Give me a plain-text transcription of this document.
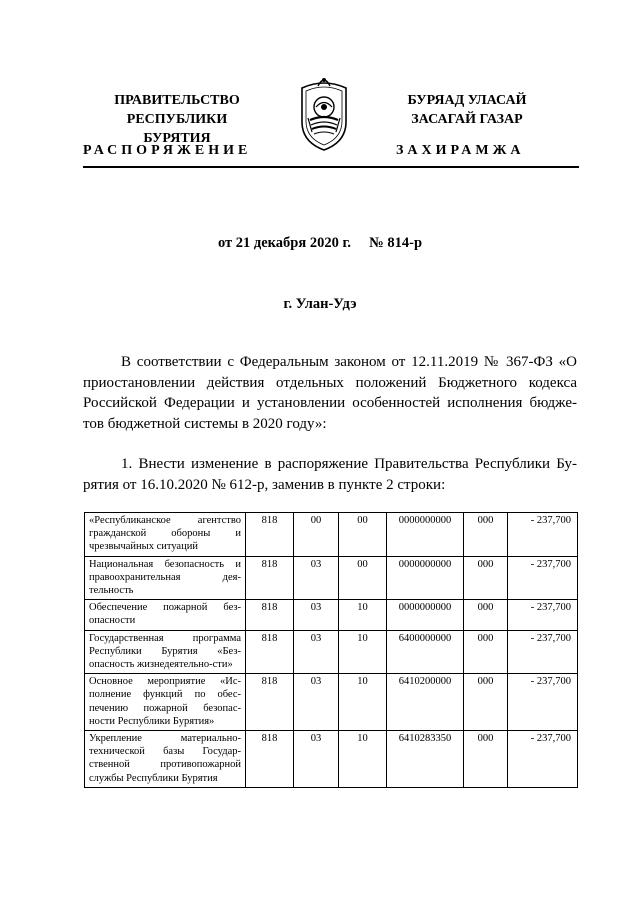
ПРАВИТЕЛЬСТВО
РЕСПУБЛИКИ БУРЯТИЯ
БУРЯАД УЛАСАЙ
ЗАСАГАЙ ГАЗАР
РАСПОРЯЖЕНИЕ	ЗАХИРАМЖА
от 21 декабря 2020 г. № 814-р
г. Улан-Удэ
В соответствии с Федеральным законом от 12.11.2019 № 367-ФЗ «О приостановлении действия отдельных положений Бюджетного кодекса Российской Федерации и установлении особенностей исполнения бюдже-тов бюджетной системы в 2020 году»:
1. Внести изменение в распоряжение Правительства Республики Бу-рятия от 16.10.2020 № 612-р, заменив в пункте 2 строки:
«Республиканское агентство гражданской обороны и чрезвычайных ситуаций	818	00	00	0000000000	000	- 237,700
Национальная безопасность и правоохранительная дея-тельность	818	03	00	0000000000	000	- 237,700
Обеспечение пожарной без-опасности	818	03	10	0000000000	000	- 237,700
Государственная программа Республики Бурятия «Без-опасность жизнедеятельно-сти»	818	03	10	6400000000	000	- 237,700
Основное мероприятие «Ис-полнение функций по обес-печению пожарной безопас-ности Республики Бурятия»	818	03	10	6410200000	000	- 237,700
Укрепление материально-технической базы Государ-ственной противопожарной службы Республики Бурятия	818	03	10	6410283350	000	- 237,700
